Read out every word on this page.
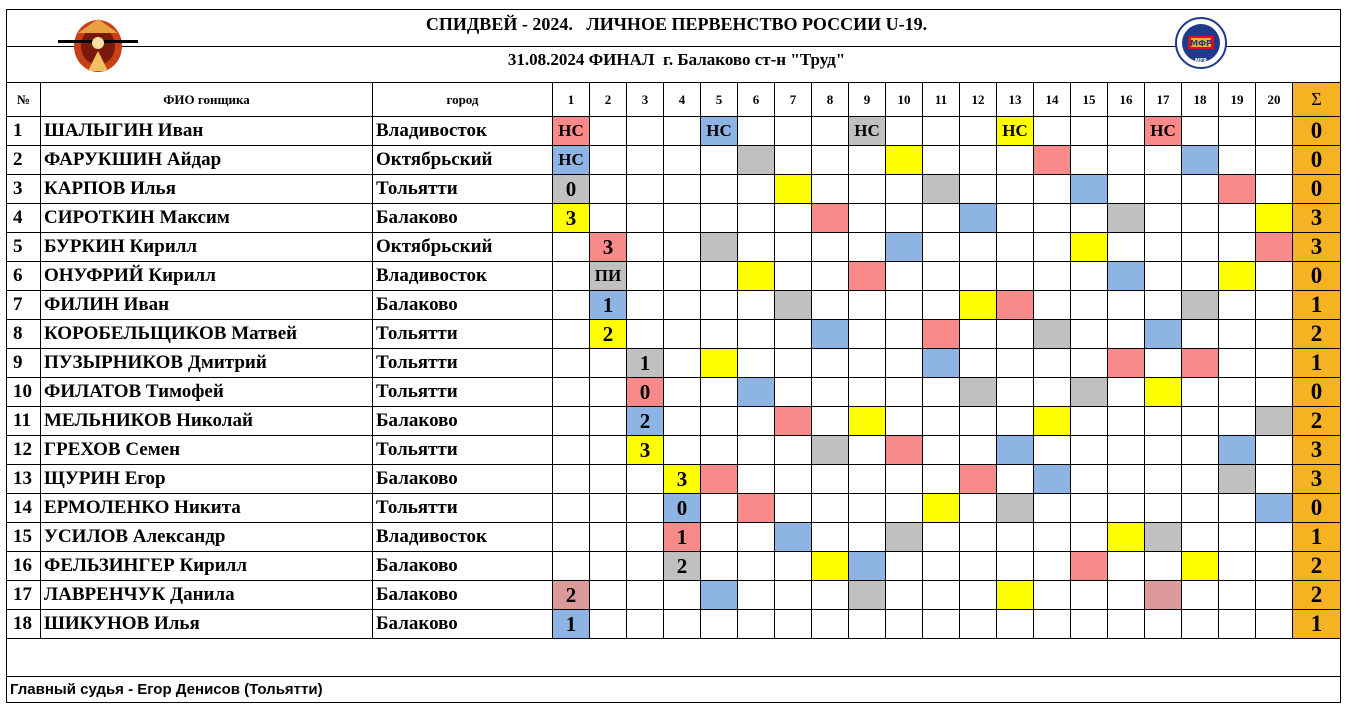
МФР
MFR
СПИДВЕЙ - 2024.   ЛИЧНОЕ ПЕРВЕНСТВО РОССИИ U-19.
31.08.2024 ФИНАЛ  г. Балаково ст-н "Труд"
№	ФИО гонщика	город	1	2	3	4	5	6	7	8	9	10	11	12	13	14	15	16	17	18	19	20	Σ
1	ШАЛЫГИН Иван	Владивосток	НС				НС				НС				НС				НС				0
2	ФАРУКШИН Айдар	Октябрьский	НС																				0
3	КАРПОВ Илья	Тольятти	0																				0
4	СИРОТКИН Максим	Балаково	3																				3
5	БУРКИН Кирилл	Октябрьский		3																			3
6	ОНУФРИЙ Кирилл	Владивосток		ПИ																			0
7	ФИЛИН Иван	Балаково		1																			1
8	КОРОБЕЛЬЩИКОВ Матвей	Тольятти		2																			2
9	ПУЗЫРНИКОВ Дмитрий	Тольятти			1																		1
10	ФИЛАТОВ Тимофей	Тольятти			0																		0
11	МЕЛЬНИКОВ Николай	Балаково			2																		2
12	ГРЕХОВ Семен	Тольятти			3																		3
13	ЩУРИН Егор	Балаково				3																	3
14	ЕРМОЛЕНКО Никита	Тольятти				0																	0
15	УСИЛОВ Александр	Владивосток				1																	1
16	ФЕЛЬЗИНГЕР Кирилл	Балаково				2																	2
17	ЛАВРЕНЧУК Данила	Балаково	2																				2
18	ШИКУНОВ Илья	Балаково	1																				1
Главный судья - Егор Денисов (Тольятти)
